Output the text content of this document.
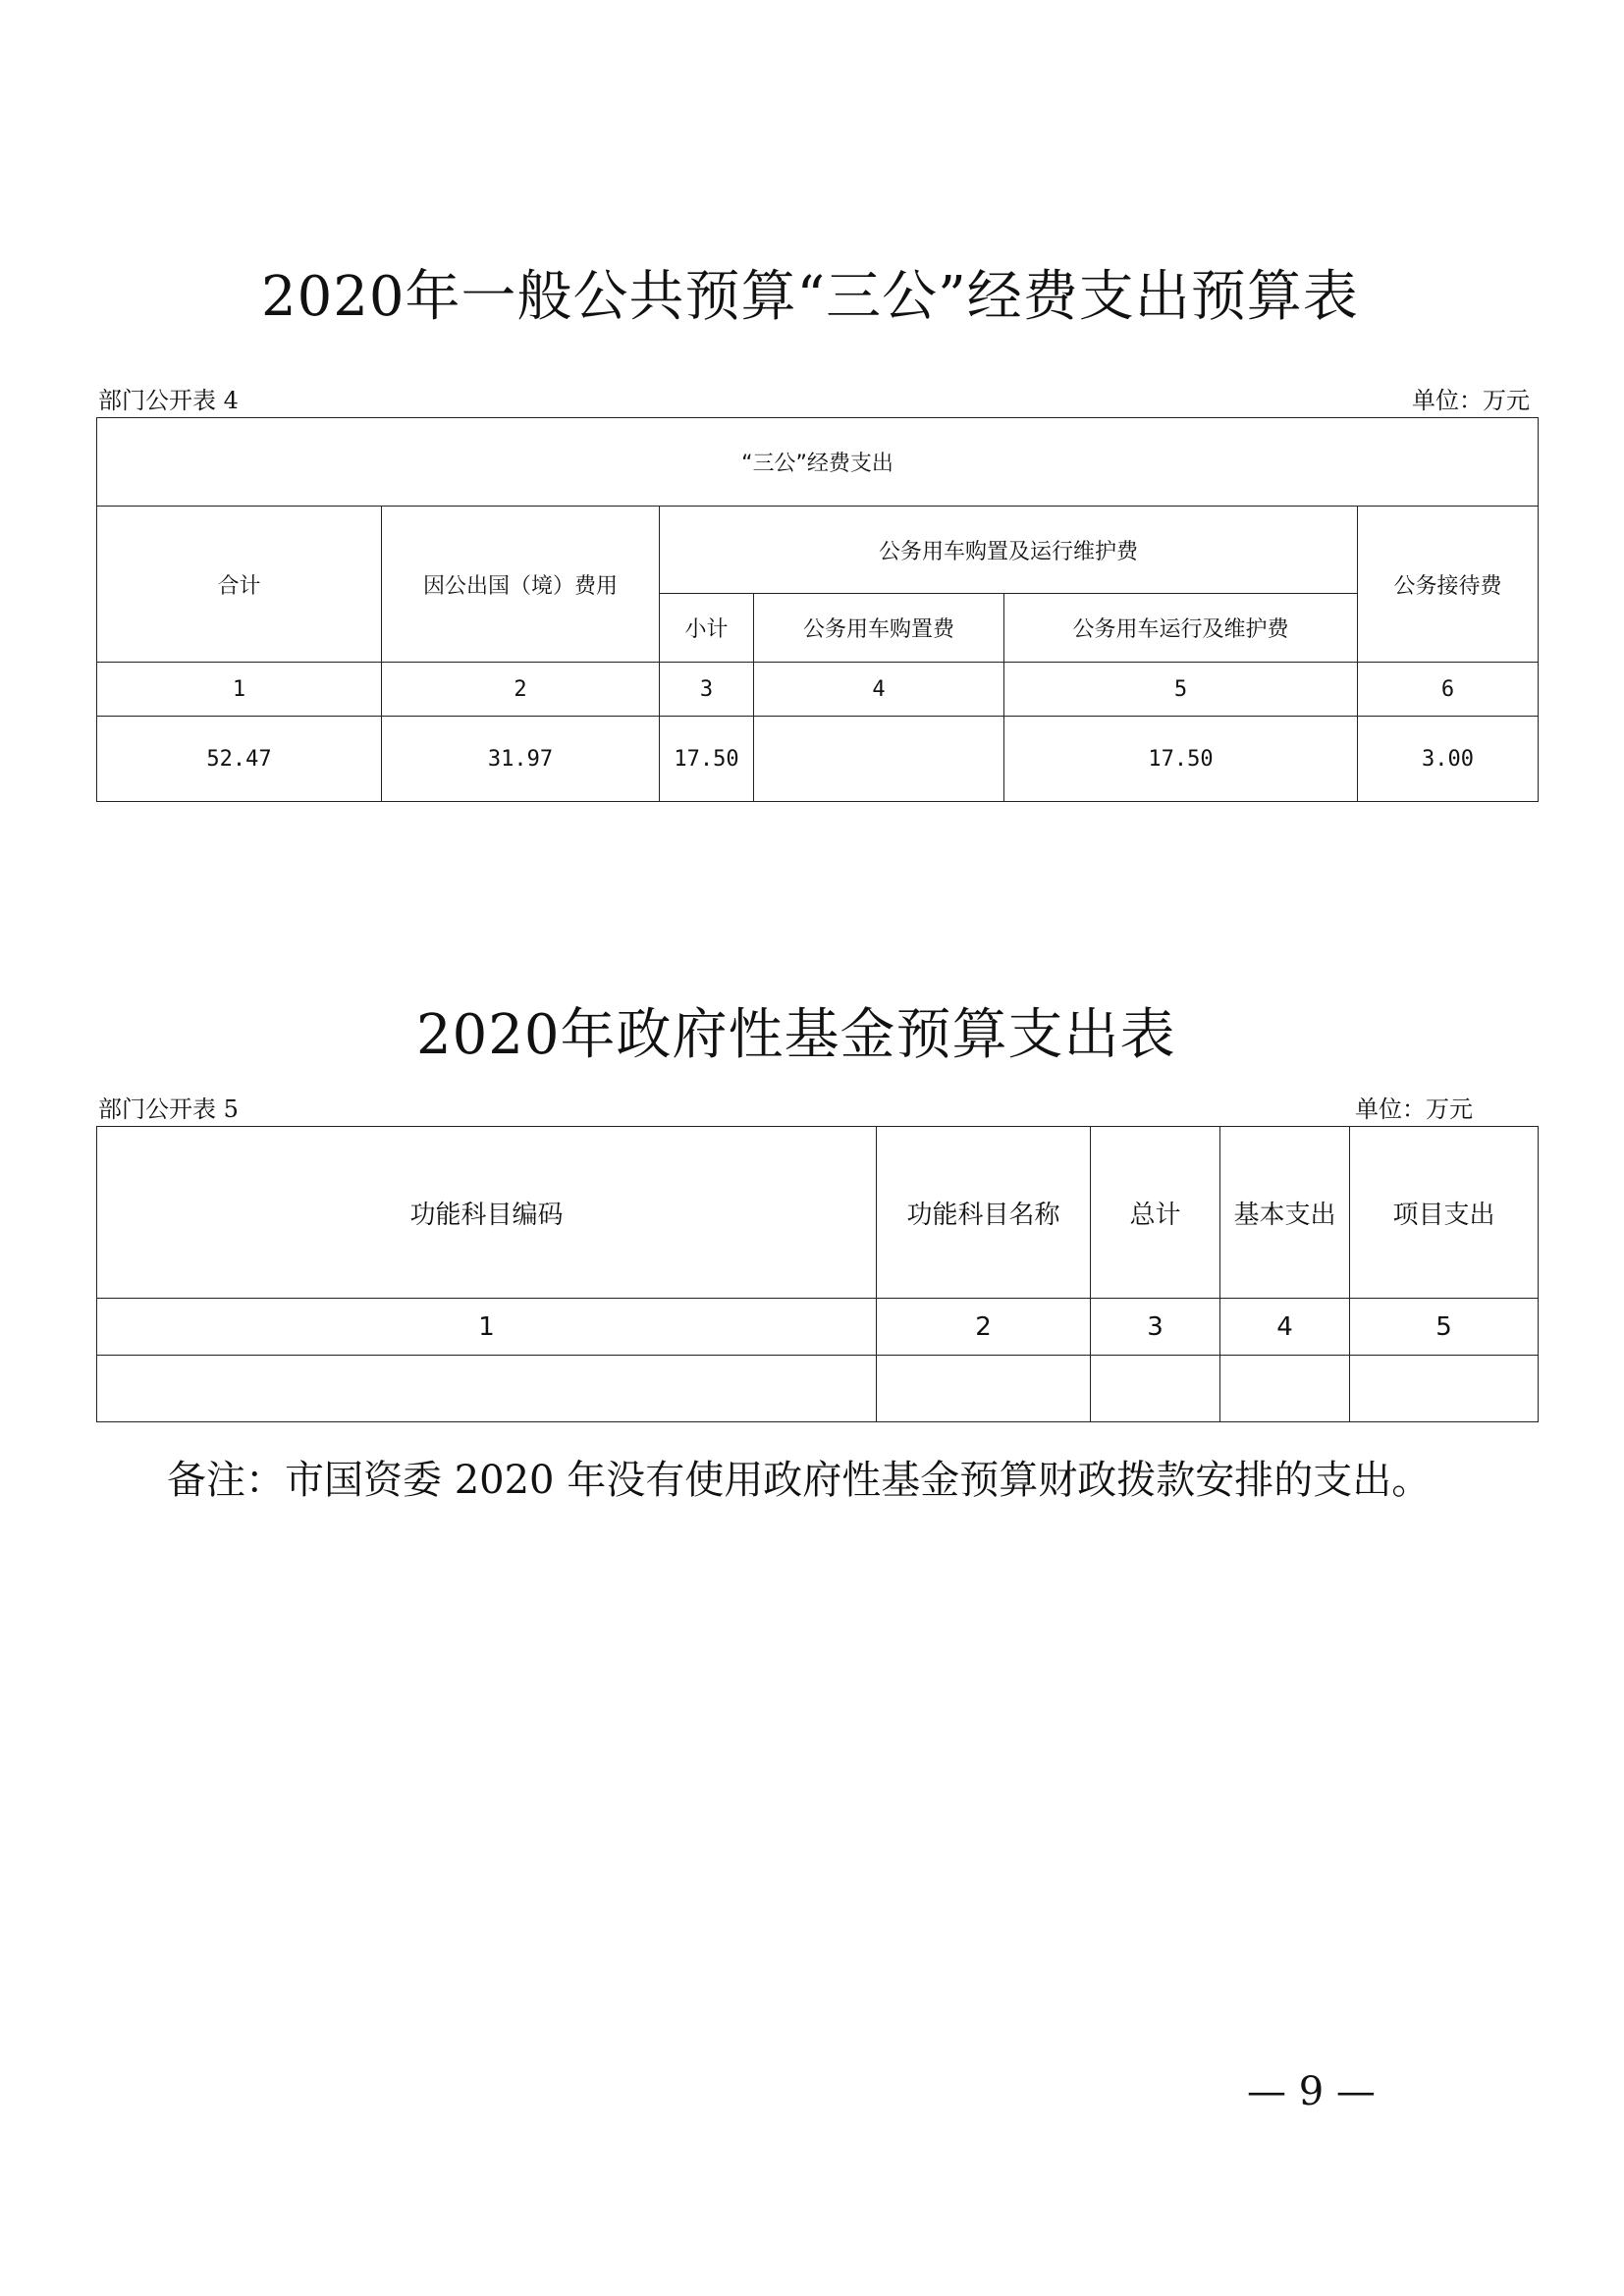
2020年一般公共预算“三公”经费支出预算表
部门公开表 4	单位：万元
“三公”经费支出					
合计	因公出国（境）费用	公务用车购置及运行维护费			公务接待费
		小计	公务用车购置费	公务用车运行及维护费	
1	2	3	4	5	6
52.47	31.97	17.50		17.50	3.00
2020年政府性基金预算支出表
部门公开表 5	单位：万元
功能科目编码	功能科目名称	总计	基本支出	项目支出
1	2	3	4	5

备注：市国资委 2020 年没有使用政府性基金预算财政拨款安排的支出。
— 9 —
